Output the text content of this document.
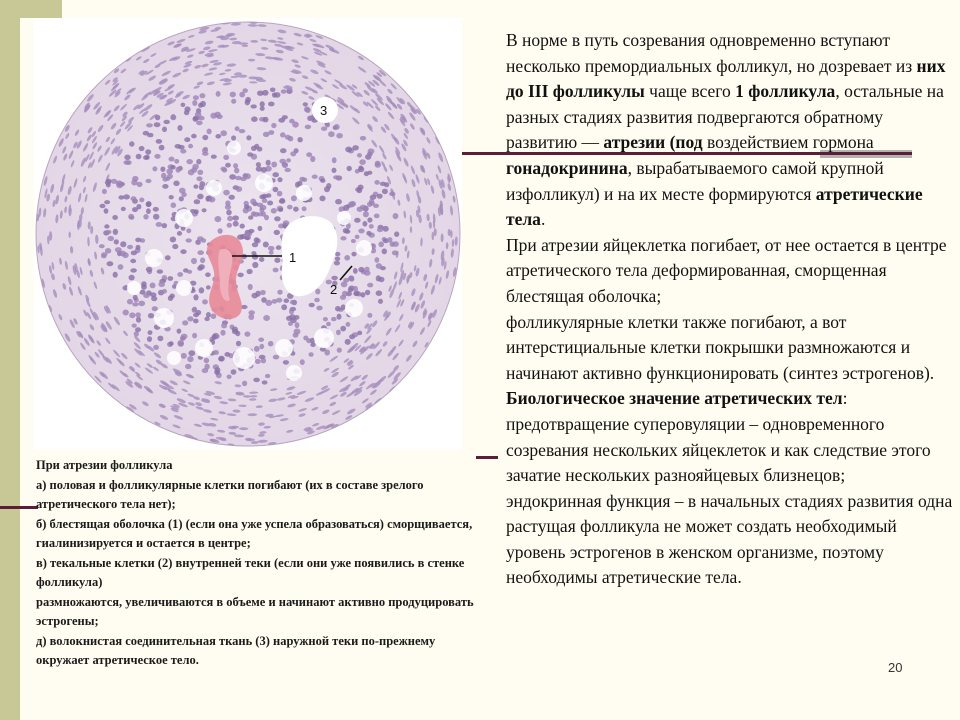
1
2
3

При атрезии фолликула

а) половая и фолликулярные клетки погибают (их в составе зрелого атретического тела нет);

б) блестящая оболочка (1) (если она уже успела образоваться) сморщивается, гиалинизируется и остается в центре;

в) текальные клетки (2) внутренней теки (если они уже появились в стенке фолликула)

размножаются, увеличиваются в объеме и начинают активно продуцировать эстрогены;

д) волокнистая соединительная ткань (3) наружной теки по-прежнему окружает атретическое тело.

В норме в путь созревания одновременно вступают несколько премордиальных фолликул, но дозревает из них до III фолликулы чаще всего 1 фолликула, остальные на разных стадиях развития подвергаются обратному развитию — атрезии (под воздействием гормона гонадокринина, вырабатываемого самой крупной изфолликул) и на их месте формируются атретические тела.

При атрезии яйцеклетка погибает, от нее остается в центре атретического тела деформированная, сморщенная блестящая оболочка;

фолликулярные клетки также погибают, а вот интерстициальные клетки покрышки размножаются и начинают активно функционировать (синтез эстрогенов).

Биологическое значение атретических тел: предотвращение суперовуляции – одновременного созревания нескольких яйцеклеток и как следствие этого зачатие нескольких разнояйцевых близнецов;

эндокринная функция – в начальных стадиях развития одна растущая фолликула не может создать необходимый уровень эстрогенов в женском организме, поэтому необходимы атретические тела.

20
